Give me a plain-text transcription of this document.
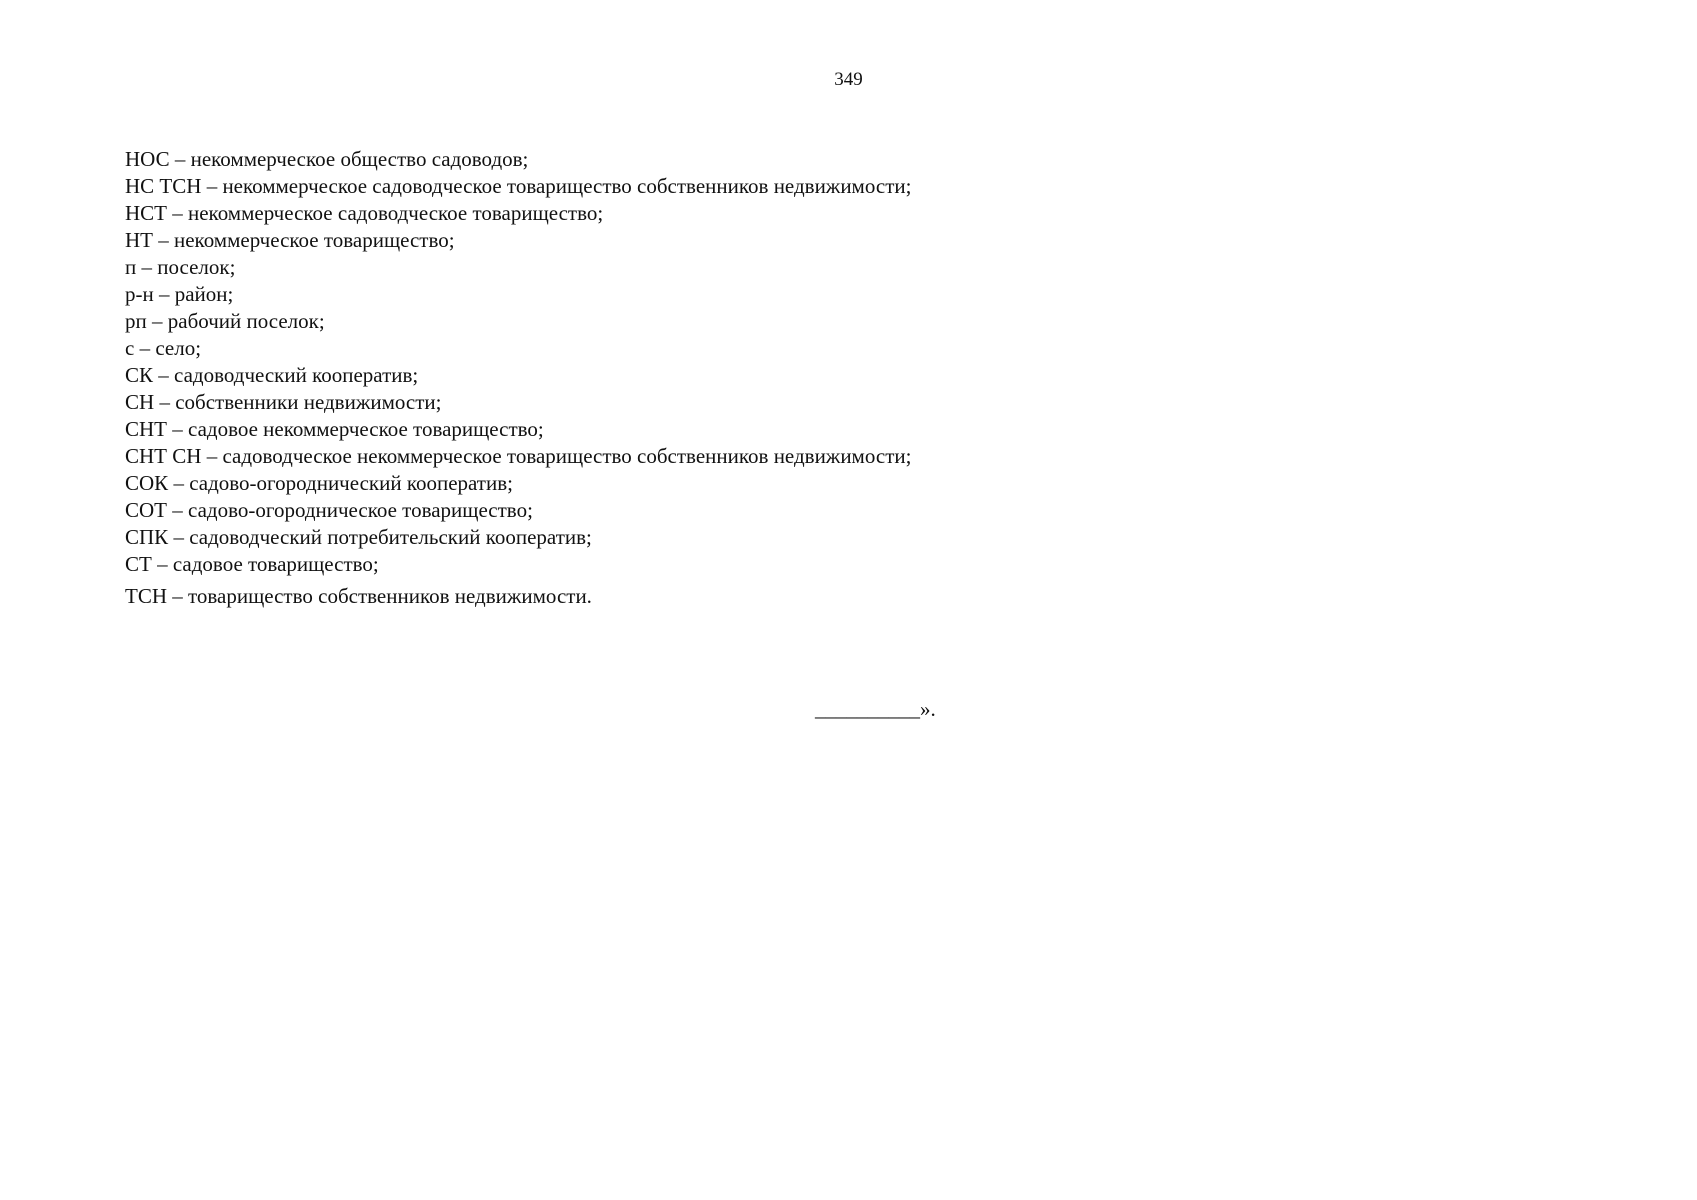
349
НОС – некоммерческое общество садоводов;
НС ТСН – некоммерческое садоводческое товарищество собственников недвижимости;
НСТ – некоммерческое садоводческое товарищество;
НТ – некоммерческое товарищество;
п – поселок;
р-н – район;
рп – рабочий поселок;
с – село;
СК – садоводческий кооператив;
СН – собственники недвижимости;
СНТ – садовое некоммерческое товарищество;
СНТ СН – садоводческое некоммерческое товарищество собственников недвижимости;
СОК – садово-огороднический кооператив;
СОТ – садово-огородническое товарищество;
СПК – садоводческий потребительский кооператив;
СТ – садовое товарищество;
ТСН – товарищество собственников недвижимости.
__________».
